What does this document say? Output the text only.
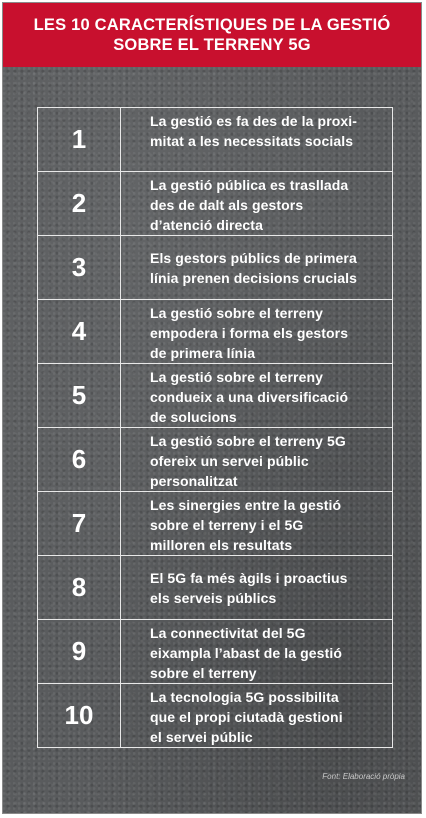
LES 10 CARACTERÍSTIQUES DE LA GESTIÓ
SOBRE EL TERRENY 5G
1
La gestió es fa des de la proxi-
mitat a les necessitats socials
2
La gestió pública es trasllada
des de dalt als gestors
d’atenció directa
3	Els gestors públics de primera
línia prenen decisions crucials
4
La gestió sobre el terreny
empodera i forma els gestors
de primera línia
5
La gestió sobre el terreny
condueix a una diversificació
de solucions
6
La gestió sobre el terreny 5G
ofereix un servei públic
personalitzat
7
Les sinergies entre la gestió
sobre el terreny i el 5G
milloren els resultats
8	El 5G fa més àgils i proactius
els serveis públics
9
La connectivitat del 5G
eixampla l’abast de la gestió
sobre el terreny
10
La tecnologia 5G possibilita
que el propi ciutadà gestioni
el servei públic
Font: Elaboració pròpia
